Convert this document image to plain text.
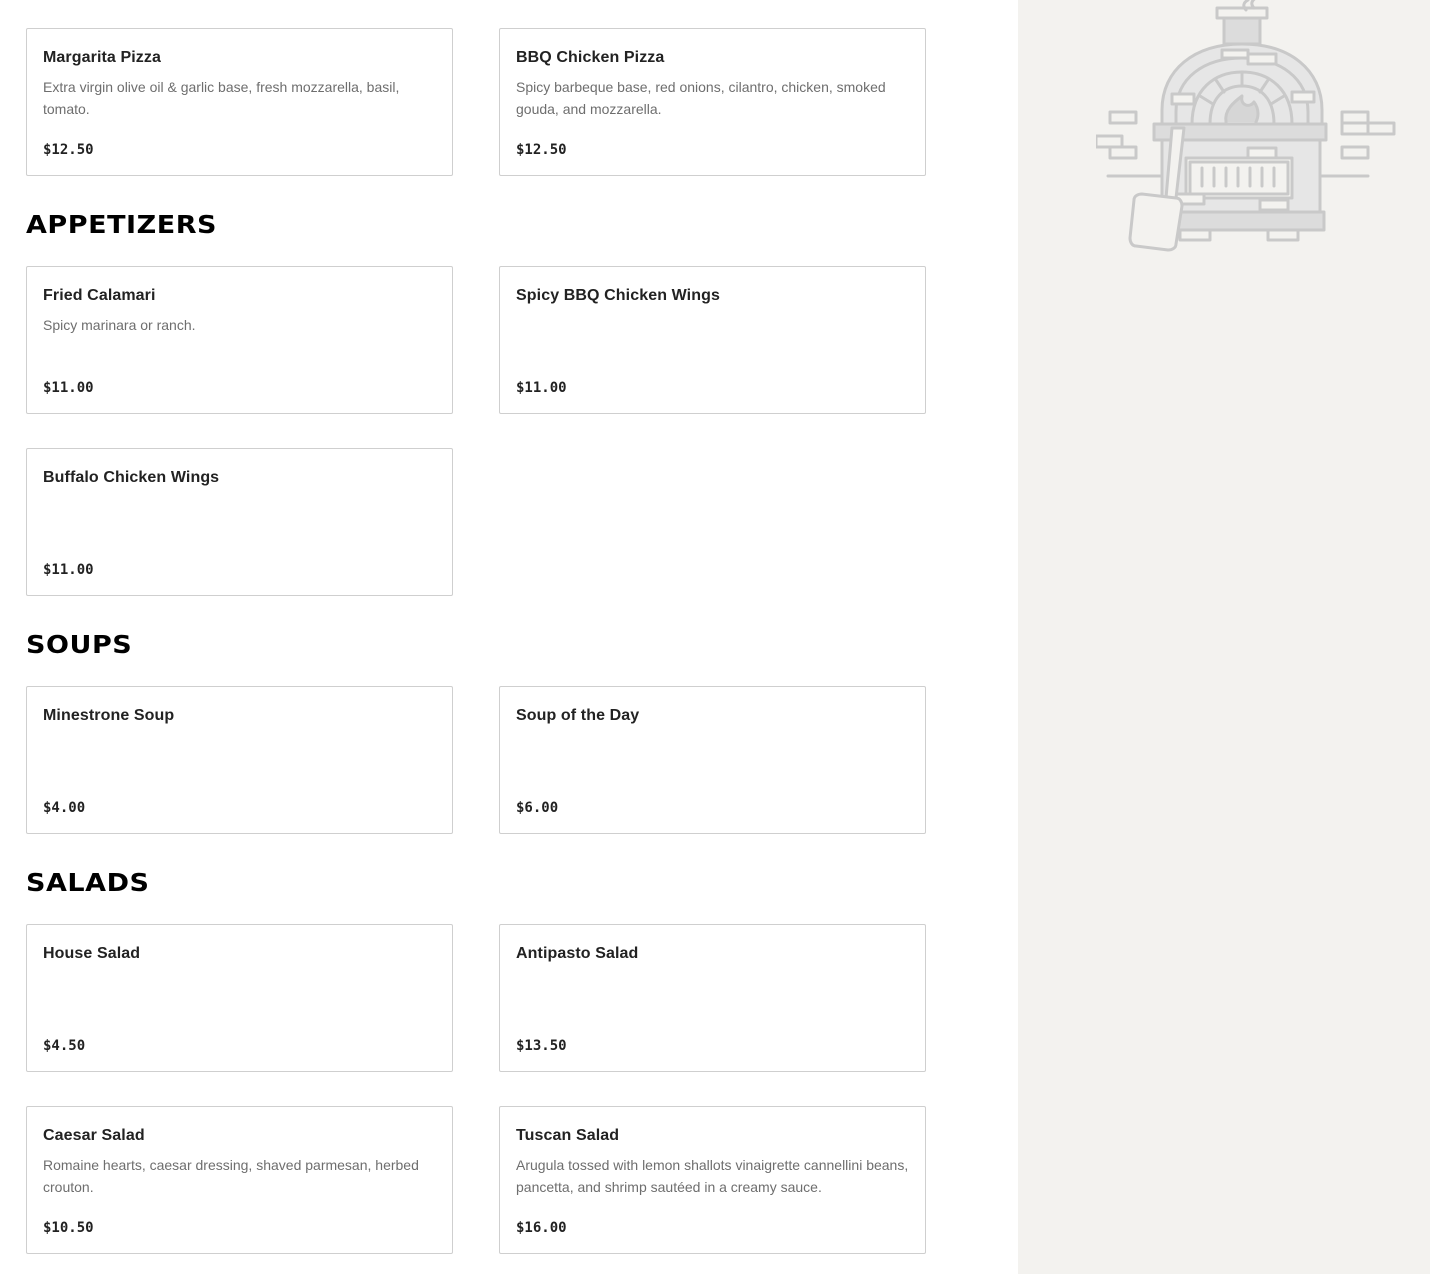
Margarita Pizza
Extra virgin olive oil & garlic base, fresh mozzarella, basil, tomato.
$12.50
BBQ Chicken Pizza
Spicy barbeque base, red onions, cilantro, chicken, smoked gouda, and mozzarella.
$12.50
APPETIZERS
Fried Calamari
Spicy marinara or ranch.
$11.00
Spicy BBQ Chicken Wings
$11.00
Buffalo Chicken Wings
$11.00
SOUPS
Minestrone Soup
$4.00
Soup of the Day
$6.00
SALADS
House Salad
$4.50
Antipasto Salad
$13.50
Caesar Salad
Romaine hearts, caesar dressing, shaved parmesan, herbed crouton.
$10.50
Tuscan Salad
Arugula tossed with lemon shallots vinaigrette cannellini beans, pancetta, and shrimp sautéed in a creamy sauce.
$16.00
